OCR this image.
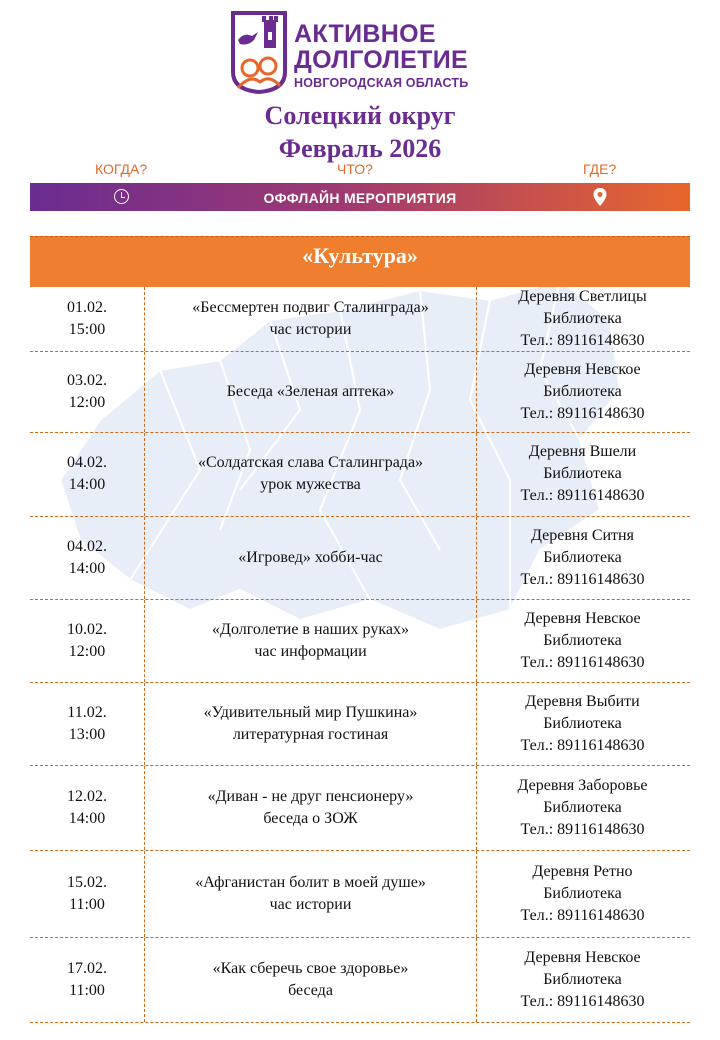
АКТИВНОЕ
ДОЛГОЛЕТИЕ
НОВГОРОДСКАЯ ОБЛАСТЬ
Солецкий округ
Февраль 2026
КОГДА?	ЧТО?	ГДЕ?
ОФФЛАЙН МЕРОПРИЯТИЯ
«Культура»
01.02.
15:00
«Бессмертен подвиг Сталинграда»
час истории
Деревня Светлицы
Библиотека
Тел.: 89116148630
03.02.
12:00
Беседа «Зеленая аптека»
Деревня Невское
Библиотека
Тел.: 89116148630
04.02.
14:00
«Солдатская слава Сталинграда»
урок мужества
Деревня Вшели
Библиотека
Тел.: 89116148630
04.02.
14:00
«Игровед» хобби-час
Деревня Ситня
Библиотека
Тел.: 89116148630
10.02.
12:00
«Долголетие в наших руках»
час информации
Деревня Невское
Библиотека
Тел.: 89116148630
11.02.
13:00
«Удивительный мир Пушкина»
литературная гостиная
Деревня Выбити
Библиотека
Тел.: 89116148630
12.02.
14:00
«Диван - не друг пенсионеру»
беседа о ЗОЖ
Деревня Заборовье
Библиотека
Тел.: 89116148630
15.02.
11:00
«Афганистан болит в моей душе»
час истории
Деревня Ретно
Библиотека
Тел.: 89116148630
17.02.
11:00
«Как сберечь свое здоровье»
беседа
Деревня Невское
Библиотека
Тел.: 89116148630
